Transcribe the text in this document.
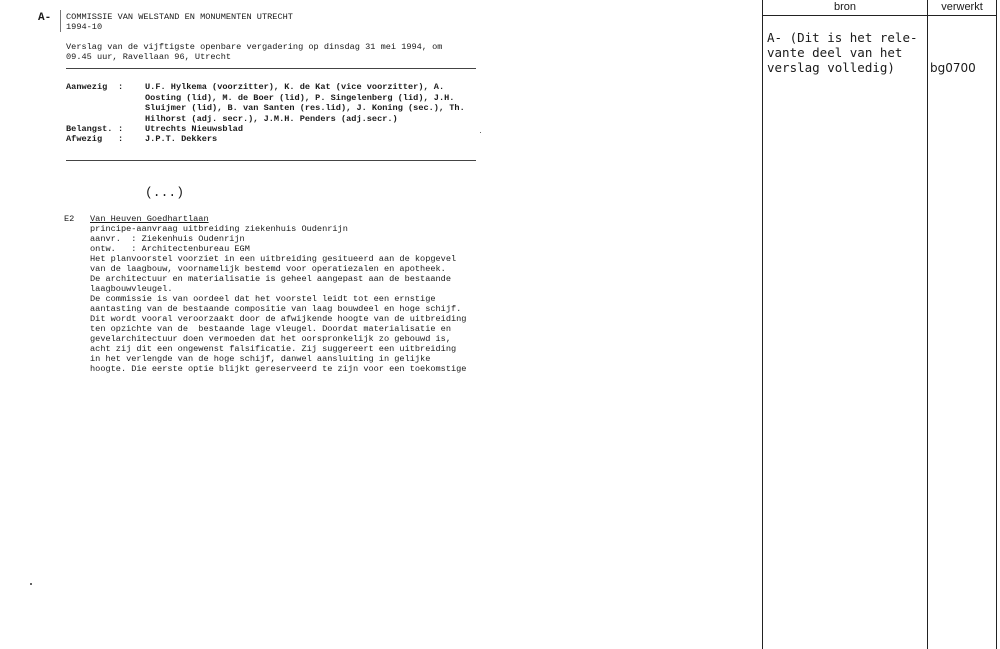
A- COMMISSIE VAN WELSTAND EN MONUMENTEN UTRECHT
1994-10
Verslag van de vijftigste openbare vergadering op dinsdag 31 mei 1994, om
09.45 uur, Ravellaan 96, Utrecht
Aanwezig :	U.F. Hylkema (voorzitter), K. de Kat (vice voorzitter), A.
Oosting (lid), M. de Boer (lid), P. Singelenberg (lid), J.H.
Sluijmer (lid), B. van Santen (res.lid), J. Koning (sec.), Th.
Hilhorst (adj. secr.), J.M.H. Penders (adj.secr.)
Belangst. :	Utrechts Nieuwsblad
Afwezig :	J.P.T. Dekkers
(...)
E2 Van Heuven Goedhartlaan
principe-aanvraag uitbreiding ziekenhuis Oudenrijn
aanvr.  : Ziekenhuis Oudenrijn
ontw.   : Architectenbureau EGM
Het planvoorstel voorziet in een uitbreiding gesitueerd aan de kopgevel
van de laagbouw, voornamelijk bestemd voor operatiezalen en apotheek.
De architectuur en materialisatie is geheel aangepast aan de bestaande
laagbouwvleugel.
De commissie is van oordeel dat het voorstel leidt tot een ernstige
aantasting van de bestaande compositie van laag bouwdeel en hoge schijf.
Dit wordt vooral veroorzaakt door de afwijkende hoogte van de uitbreiding
ten opzichte van de  bestaande lage vleugel. Doordat materialisatie en
gevelarchitectuur doen vermoeden dat het oorspronkelijk zo gebouwd is,
acht zij dit een ongewenst falsificatie. Zij suggereert een uitbreiding
in het verlengde van de hoge schijf, danwel aansluiting in gelijke
hoogte. Die eerste optie blijkt gereserveerd te zijn voor een toekomstige
bron	verwerkt
A- (Dit is het rele-
vante deel van het
verslag volledig)	bg0700
